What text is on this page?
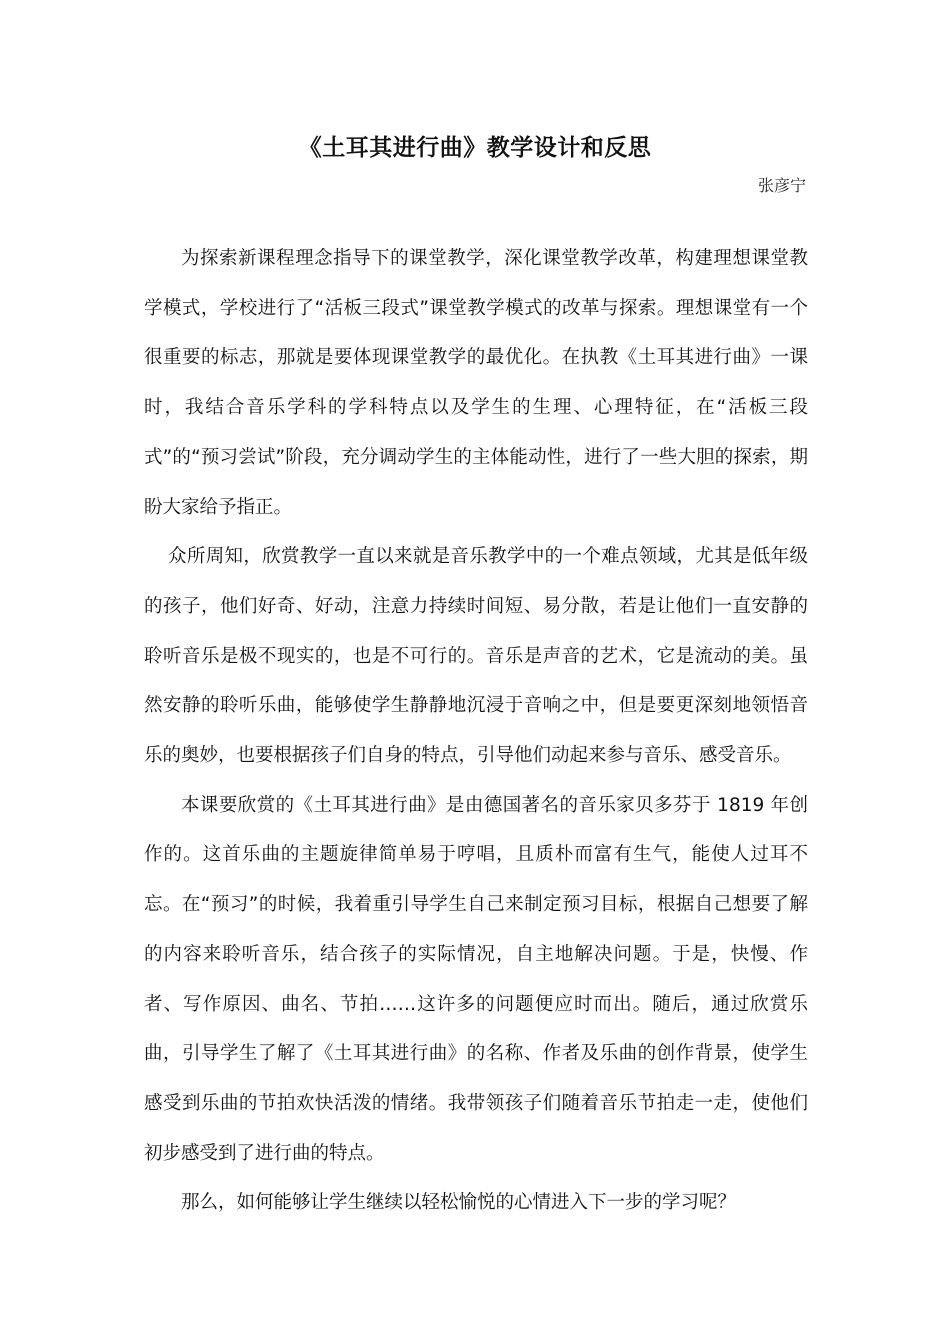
《土耳其进行曲》教学设计和反思
张彦宁

为探索新课程理念指导下的课堂教学，深化课堂教学改革，构建理想课堂教学模式，学校进行了“活板三段式”课堂教学模式的改革与探索。理想课堂有一个很重要的标志，那就是要体现课堂教学的最优化。在执教《土耳其进行曲》一课时，我结合音乐学科的学科特点以及学生的生理、心理特征，在“活板三段式”的“预习尝试”阶段，充分调动学生的主体能动性，进行了一些大胆的探索，期盼大家给予指正。

众所周知，欣赏教学一直以来就是音乐教学中的一个难点领域，尤其是低年级的孩子，他们好奇、好动，注意力持续时间短、易分散，若是让他们一直安静的聆听音乐是极不现实的，也是不可行的。音乐是声音的艺术，它是流动的美。虽然安静的聆听乐曲，能够使学生静静地沉浸于音响之中，但是要更深刻地领悟音乐的奥妙，也要根据孩子们自身的特点，引导他们动起来参与音乐、感受音乐。

本课要欣赏的《土耳其进行曲》是由德国著名的音乐家贝多芬于 1819 年创作的。这首乐曲的主题旋律简单易于哼唱，且质朴而富有生气，能使人过耳不忘。在“预习”的时候，我着重引导学生自己来制定预习目标，根据自己想要了解的内容来聆听音乐，结合孩子的实际情况，自主地解决问题。于是，快慢、作者、写作原因、曲名、节拍……这许多的问题便应时而出。随后，通过欣赏乐曲，引导学生了解了《土耳其进行曲》的名称、作者及乐曲的创作背景，使学生感受到乐曲的节拍欢快活泼的情绪。我带领孩子们随着音乐节拍走一走，使他们初步感受到了进行曲的特点。

那么，如何能够让学生继续以轻松愉悦的心情进入下一步的学习呢？
